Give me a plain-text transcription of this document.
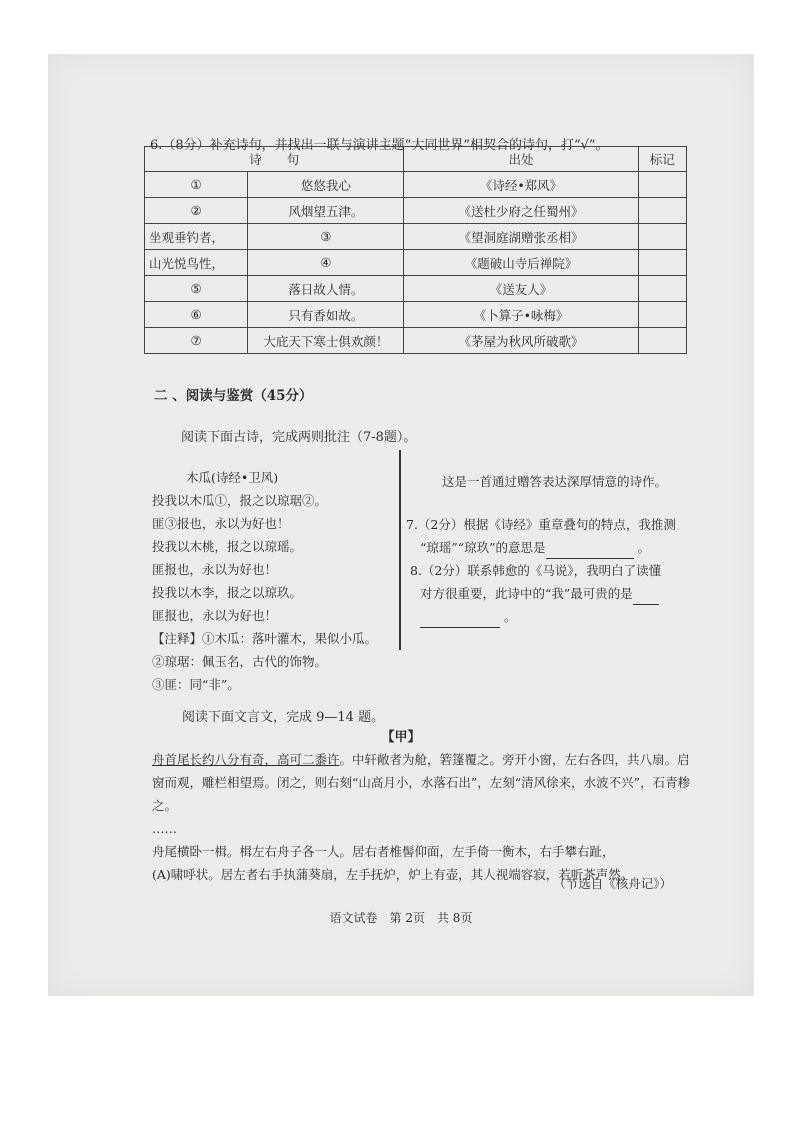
6.（8分）补充诗句，并找出一联与演讲主题“大同世界”相契合的诗句，打“√”。
诗　　句		出处	标记
①	悠悠我心	《诗经•郑风》	
②	风烟望五津。	《送杜少府之任蜀州》	
坐观垂钓者，	③	《望洞庭湖赠张丞相》	
山光悦鸟性，	④	《题破山寺后禅院》	
⑤	落日故人情。	《送友人》	
⑥	只有香如故。	《卜算子•咏梅》	
⑦	大庇天下寒士俱欢颜！	《茅屋为秋风所破歌》	
二 、阅读与鉴赏（45分）
阅读下面古诗，完成两则批注（7-8题）。
木瓜(诗经•卫风)
投我以木瓜①，报之以琼琚②。
匪③报也，永以为好也！
投我以木桃，报之以琼瑶。
匪报也，永以为好也！
投我以木李，报之以琼玖。
匪报也，永以为好也！
【注释】①木瓜：落叶灌木，果似小瓜。
②琼琚：佩玉名，古代的饰物。
③匪：同“非”。
这是一首通过赠答表达深厚情意的诗作。
7.（2分）根据《诗经》重章叠句的特点，我推测
“琼瑶”“琼玖”的意思是	。
8.（2分）联系韩愈的《马说》，我明白了读懂
对方很重要，此诗中的“我”最可贵的是
。
阅读下面文言文，完成 9—14 题。
【甲】

舟首尾长约八分有奇，高可二黍许。中轩敞者为舱，箬篷覆之。旁开小窗，左右各四，共八扇。启窗而观，雕栏相望焉。闭之，则右刻“山高月小，水落石出”，左刻“清风徐来，水波不兴”，石青糁之。

……

舟尾横卧一楫。楫左右舟子各一人。居右者椎髻仰面，左手倚一衡木，右手攀右趾，

(A)啸呼状。居左者右手执蒲葵扇，左手抚炉，炉上有壶，其人视端容寂，若听茶声然。

（节选自《核舟记》）
语文试卷　第 2页　共 8页
